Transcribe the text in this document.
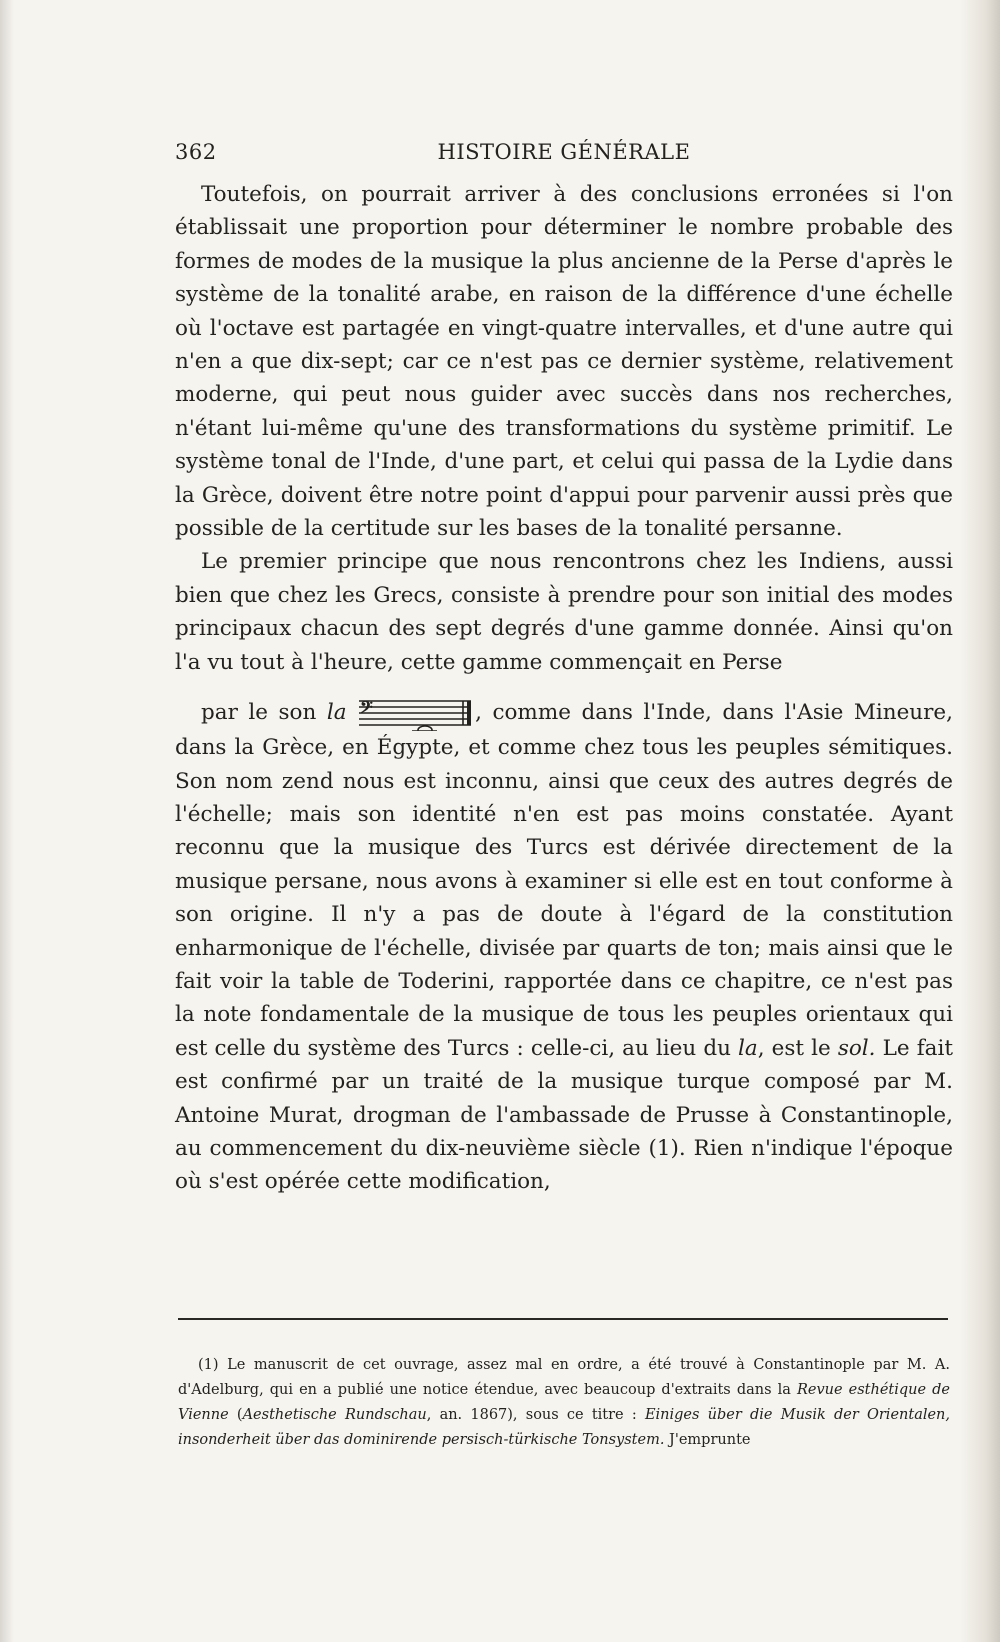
362	HISTOIRE GÉNÉRALE

Toutefois, on pourrait arriver à des conclusions erronées si l'on établissait une proportion pour déterminer le nombre probable des formes de modes de la musique la plus ancienne de la Perse d'après le système de la tonalité arabe, en raison de la différence d'une échelle où l'octave est partagée en vingt-quatre intervalles, et d'une autre qui n'en a que dix-sept; car ce n'est pas ce dernier système, relativement moderne, qui peut nous guider avec succès dans nos recherches, n'étant lui-même qu'une des transformations du système primitif. Le système tonal de l'Inde, d'une part, et celui qui passa de la Lydie dans la Grèce, doivent être notre point d'appui pour parvenir aussi près que possible de la certitude sur les bases de la tonalité persanne.

Le premier principe que nous rencontrons chez les Indiens, aussi bien que chez les Grecs, consiste à prendre pour son initial des modes principaux chacun des sept degrés d'une gamme donnée. Ainsi qu'on l'a vu tout à l'heure, cette gamme commençait en Perse
par le son la 𝄢	, comme dans l'Inde, dans l'Asie Mineure, dans la Grèce, en Égypte, et comme chez tous les peuples sémitiques. Son nom zend nous est inconnu, ainsi que ceux des autres degrés de l'échelle; mais son identité n'en est pas moins constatée. Ayant reconnu que la musique des Turcs est dérivée directement de la musique persane, nous avons à examiner si elle est en tout conforme à son origine. Il n'y a pas de doute à l'égard de la constitution enharmonique de l'échelle, divisée par quarts de ton; mais ainsi que le fait voir la table de Toderini, rapportée dans ce chapitre, ce n'est pas la note fondamentale de la musique de tous les peuples orientaux qui est celle du système des Turcs : celle-ci, au lieu du la, est le sol. Le fait est confirmé par un traité de la musique turque composé par M. Antoine Murat, drogman de l'ambassade de Prusse à Constantinople, au commencement du dix-neuvième siècle (1). Rien n'indique l'époque où s'est opérée cette modification,

(1) Le manuscrit de cet ouvrage, assez mal en ordre, a été trouvé à Constantinople par M. A. d'Adelburg, qui en a publié une notice étendue, avec beaucoup d'extraits dans la Revue esthétique de Vienne (Aesthetische Rundschau, an. 1867), sous ce titre : Einiges über die Musik der Orientalen, insonderheit über das dominirende persisch-türkische Tonsystem. J'emprunte
